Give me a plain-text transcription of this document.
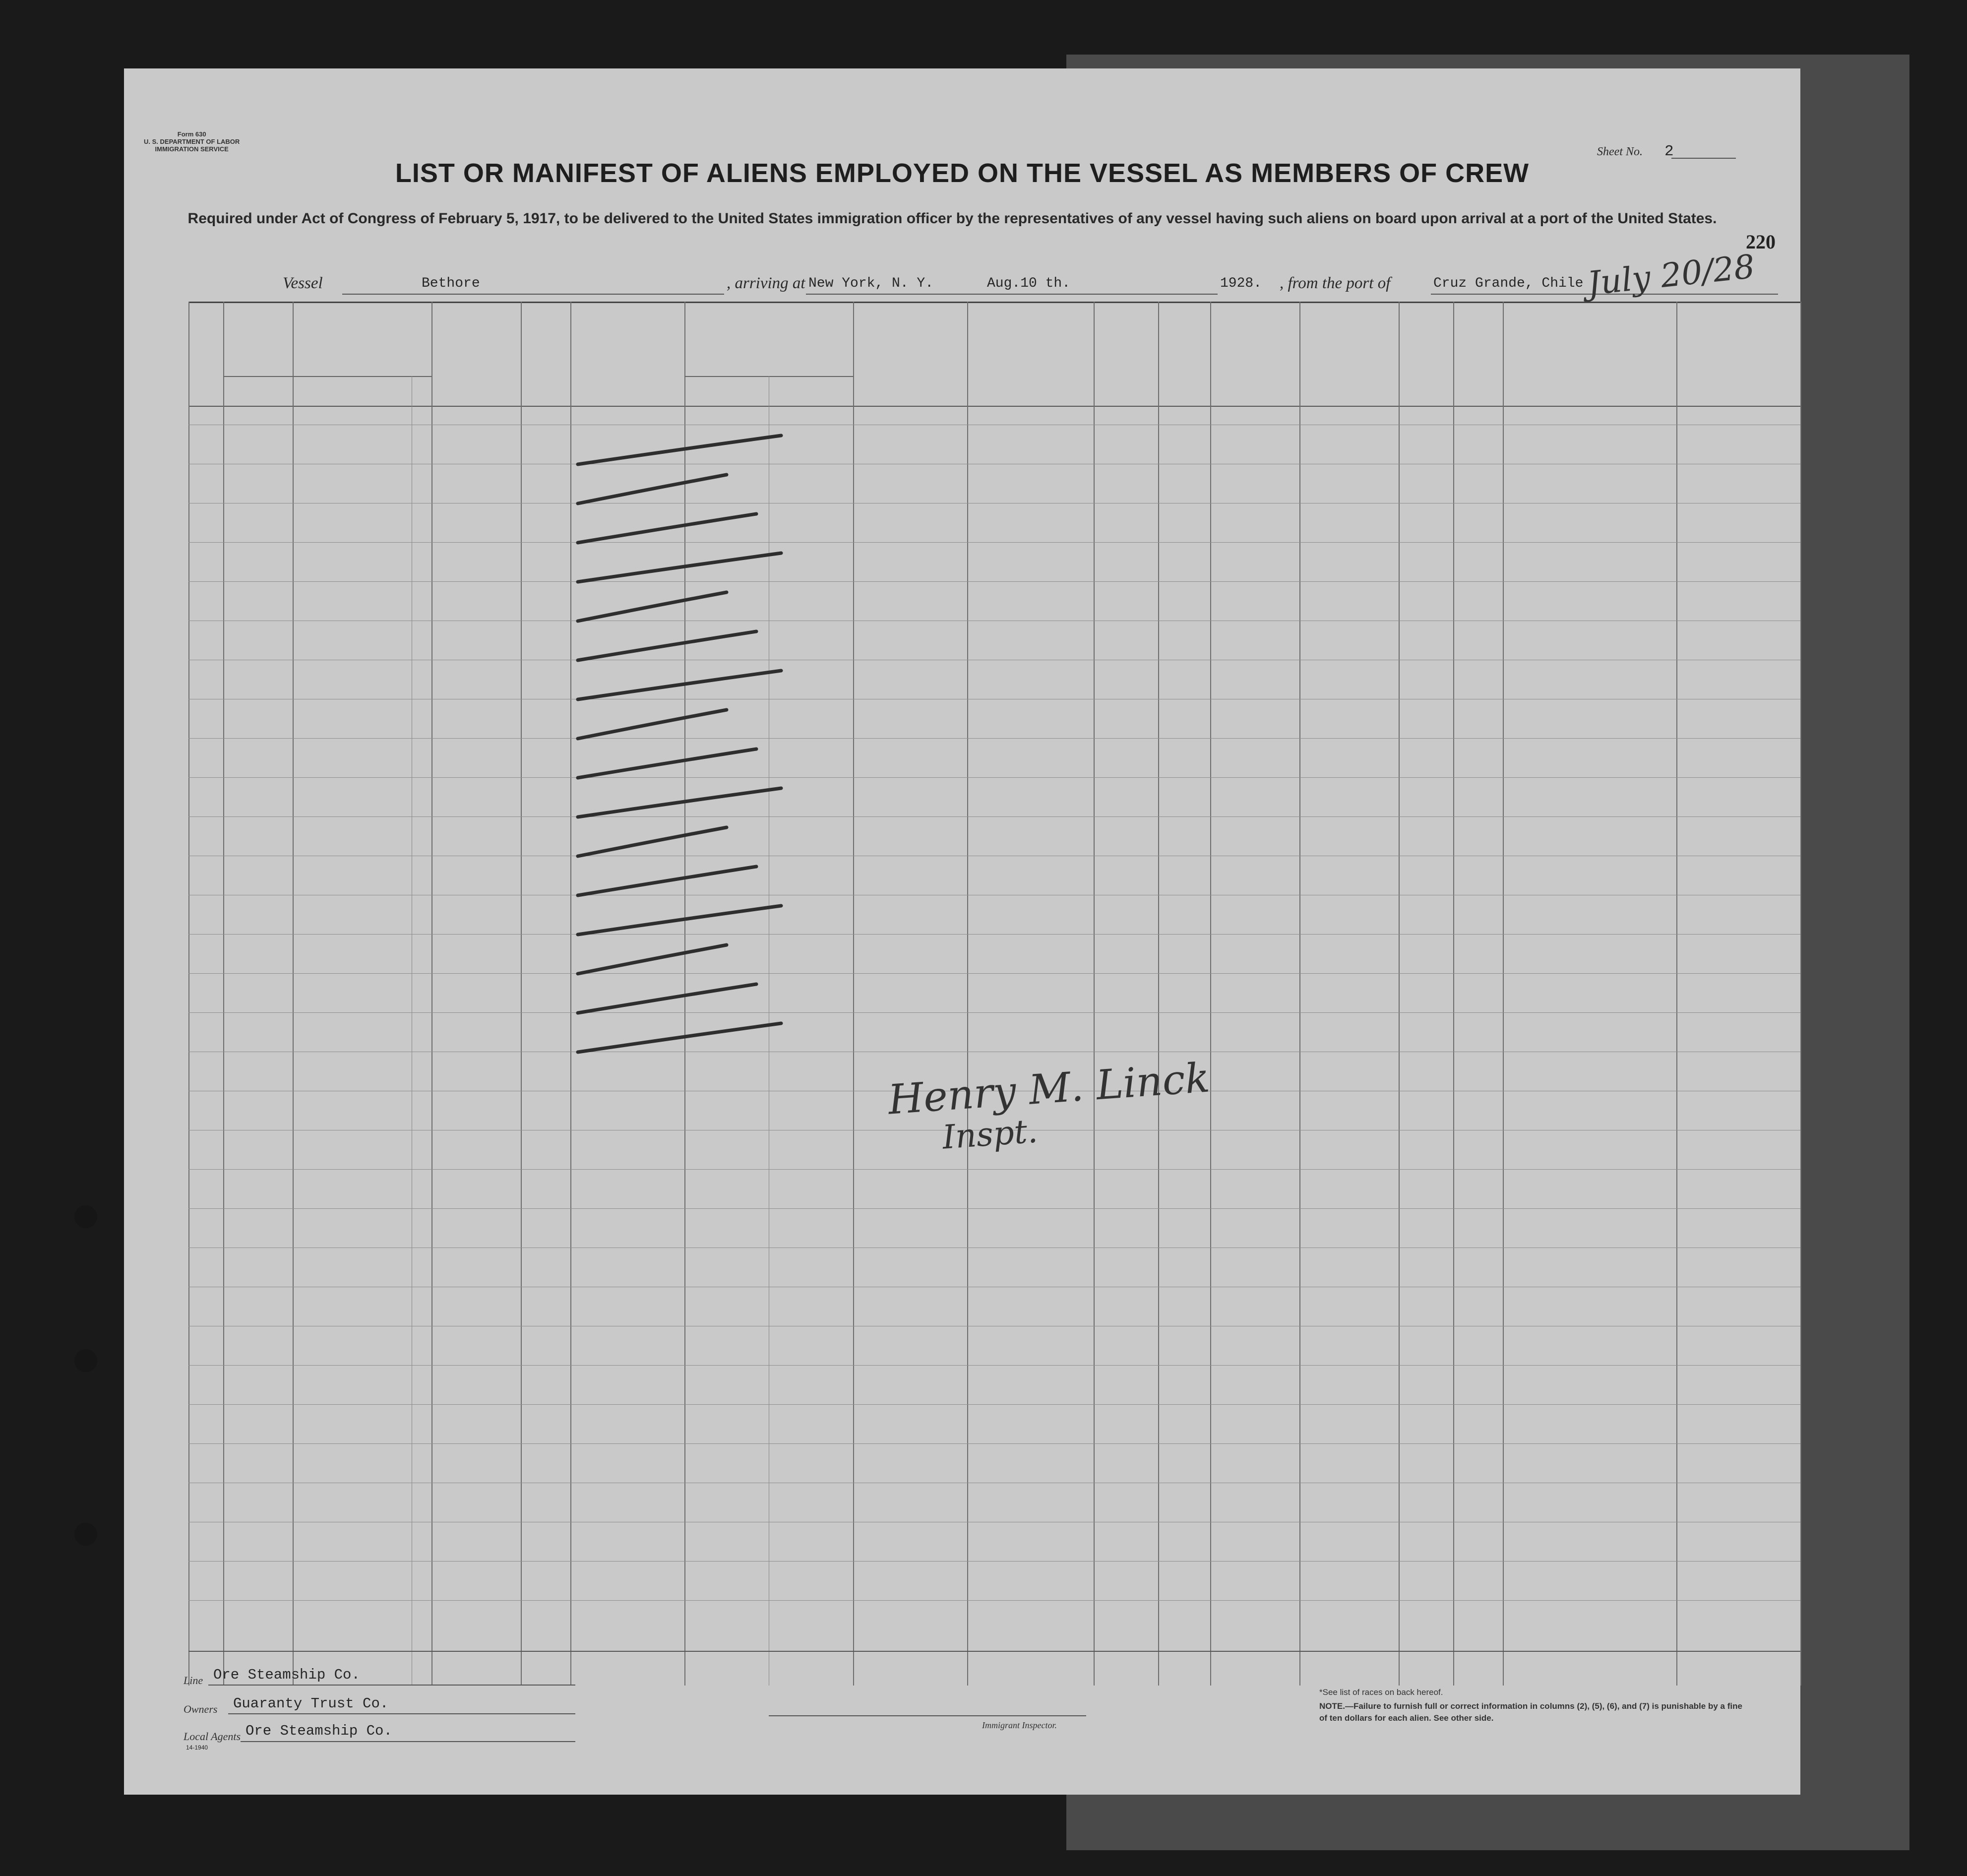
Form 630
U. S. DEPARTMENT OF LABOR
IMMIGRATION SERVICE	Sheet No. 2
LIST OR MANIFEST OF ALIENS EMPLOYED ON THE VESSEL AS MEMBERS OF CREW
Required under Act of Congress of February 5, 1917, to be delivered to the United States immigration officer by the representatives of any vessel having such aliens on board upon arrival at a port of the United States.
220
Vessel	Bethore	, arriving at New York, N. Y.	Aug.10 th.	1928. , from the port of	Cruz Grande, Chile July 20/28
Henry M. Linck
Inspt.
Line Ore Steamship Co.
Owners Guaranty Trust Co.
Local Agents Ore Steamship Co.
14-1940
Immigrant Inspector.
*See list of races on back hereof.
NOTE.—Failure to furnish full or correct information in columns (2), (5), (6), and (7) is punishable by a fine of ten dollars for each alien. See other side.
